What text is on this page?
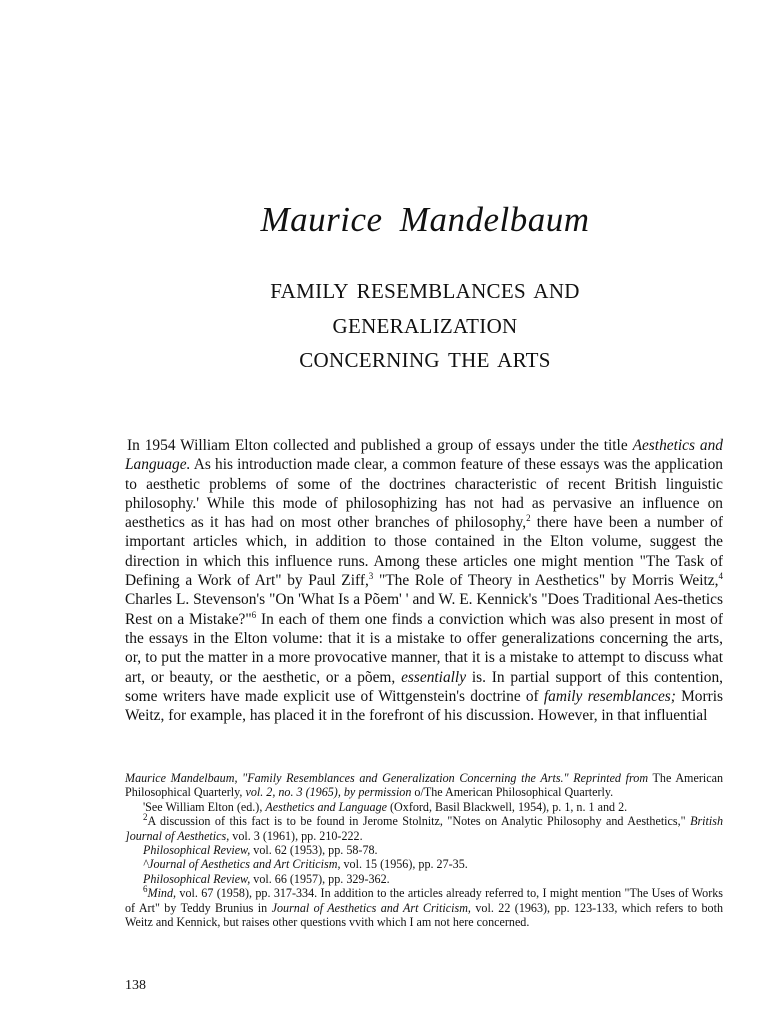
Maurice Mandelbaum
FAMILY RESEMBLANCES AND
GENERALIZATION
CONCERNING THE ARTS

In 1954 William Elton collected and published a group of essays under the title Aesthetics and Language. As his introduction made clear, a common feature of these essays was the application to aesthetic problems of some of the doctrines characteristic of recent British linguistic philosophy.' While this mode of philosophizing has not had as pervasive an influence on aesthetics as it has had on most other branches of philosophy,$^2$ there have been a number of important articles which, in addition to those contained in the Elton volume, suggest the direction in which this influence runs. Among these articles one might mention "The Task of Defining a Work of Art" by Paul Ziff,$^3$ "The Role of Theory in Aesthetics" by Morris Weitz,$^4$ Charles L. Stevenson's "On 'What Is a Põem' ' and W. E. Kennick's "Does Traditional Aes-thetics Rest on a Mistake?"$^6$ In each of them one finds a conviction which was also present in most of the essays in the Elton volume: that it is a mistake to offer generalizations concerning the arts, or, to put the matter in a more provocative manner, that it is a mistake to attempt to discuss what art, or beauty, or the aesthetic, or a põem, essentially is. In partial support of this contention, some writers have made explicit use of Wittgenstein's doctrine of family resemblances; Morris Weitz, for example, has placed it in the forefront of his discussion. However, in that influential

Maurice Mandelbaum, "Family Resemblances and Generalization Concerning the Arts." Reprinted from The American Philosophical Quarterly, vol. 2, no. 3 (1965), by permission o/The American Philosophical Quarterly.

'See William Elton (ed.), Aesthetics and Language (Oxford, Basil Blackwell, 1954), p. 1, n. 1 and 2.

$^2$A discussion of this fact is to be found in Jerome Stolnitz, "Notes on Analytic Philosophy and Aesthetics," British ]ournal of Aesthetics, vol. 3 (1961), pp. 210-222.

Philosophical Review, vol. 62 (1953), pp. 58-78.

^Journal of Aesthetics and Art Criticism, vol. 15 (1956), pp. 27-35.

Philosophical Review, vol. 66 (1957), pp. 329-362.

$^6$Mind, vol. 67 (1958), pp. 317-334. In addition to the articles already referred to, I might mention "The Uses of Works of Art" by Teddy Brunius in Journal of Aesthetics and Art Criticism, vol. 22 (1963), pp. 123-133, which refers to both Weitz and Kennick, but raises other questions vvith which I am not here concerned.

138
